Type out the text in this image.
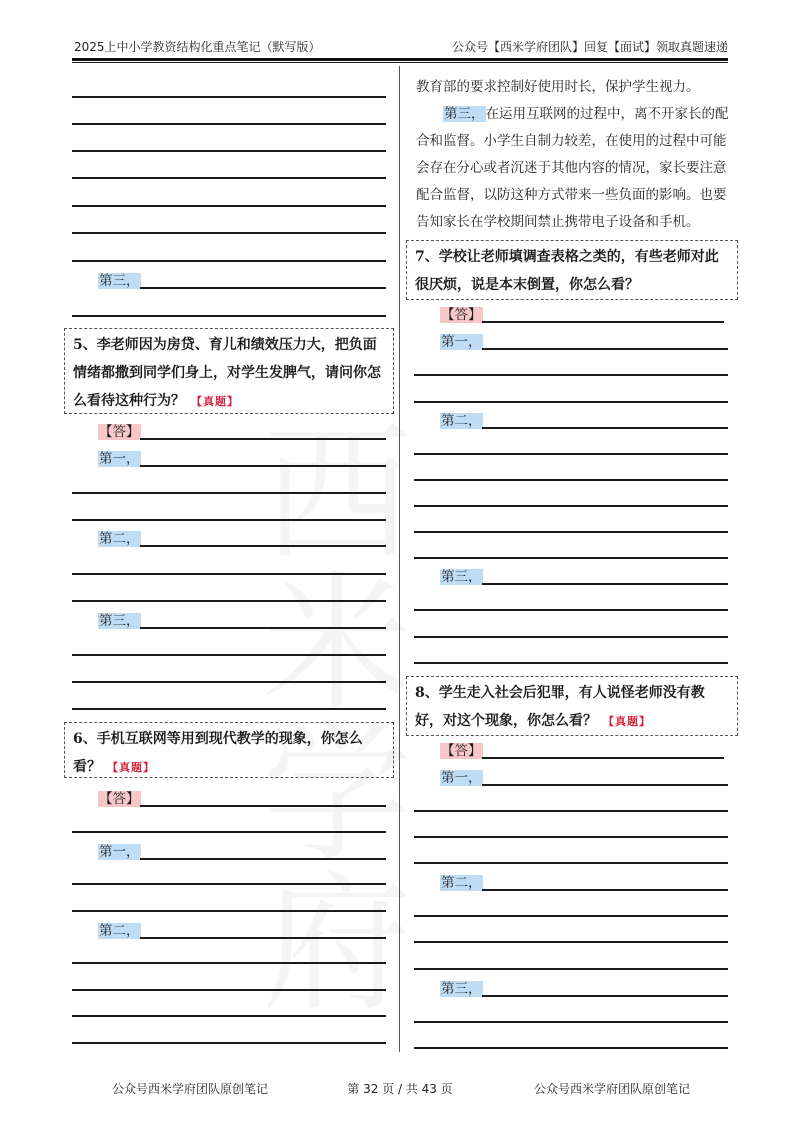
2025上中小学教资结构化重点笔记（默写版）	公众号【西米学府团队】回复【面试】领取真题速递
第三，
5、李老师因为房贷、育儿和绩效压力大，把负面情绪都撒到同学们身上，对学生发脾气，请问你怎么看待这种行为？ 【真题】
【答】
第一，
第二，
第三，
6、手机互联网等用到现代教学的现象，你怎么看？ 【真题】
【答】
第一，
第二，
教育部的要求控制好使用时长，保护学生视力。
第三，在运用互联网的过程中，离不开家长的配合和监督。小学生自制力较差，在使用的过程中可能会存在分心或者沉迷于其他内容的情况，家长要注意配合监督，以防这种方式带来一些负面的影响。也要告知家长在学校期间禁止携带电子设备和手机。
7、学校让老师填调查表格之类的，有些老师对此很厌烦，说是本末倒置，你怎么看？
【答】
第一，
第二，
第三，
8、学生走入社会后犯罪，有人说怪老师没有教好，对这个现象，你怎么看？ 【真题】
【答】
第一，
第二，
第三，
公众号西米学府团队原创笔记	第 32 页 / 共 43 页	公众号西米学府团队原创笔记
